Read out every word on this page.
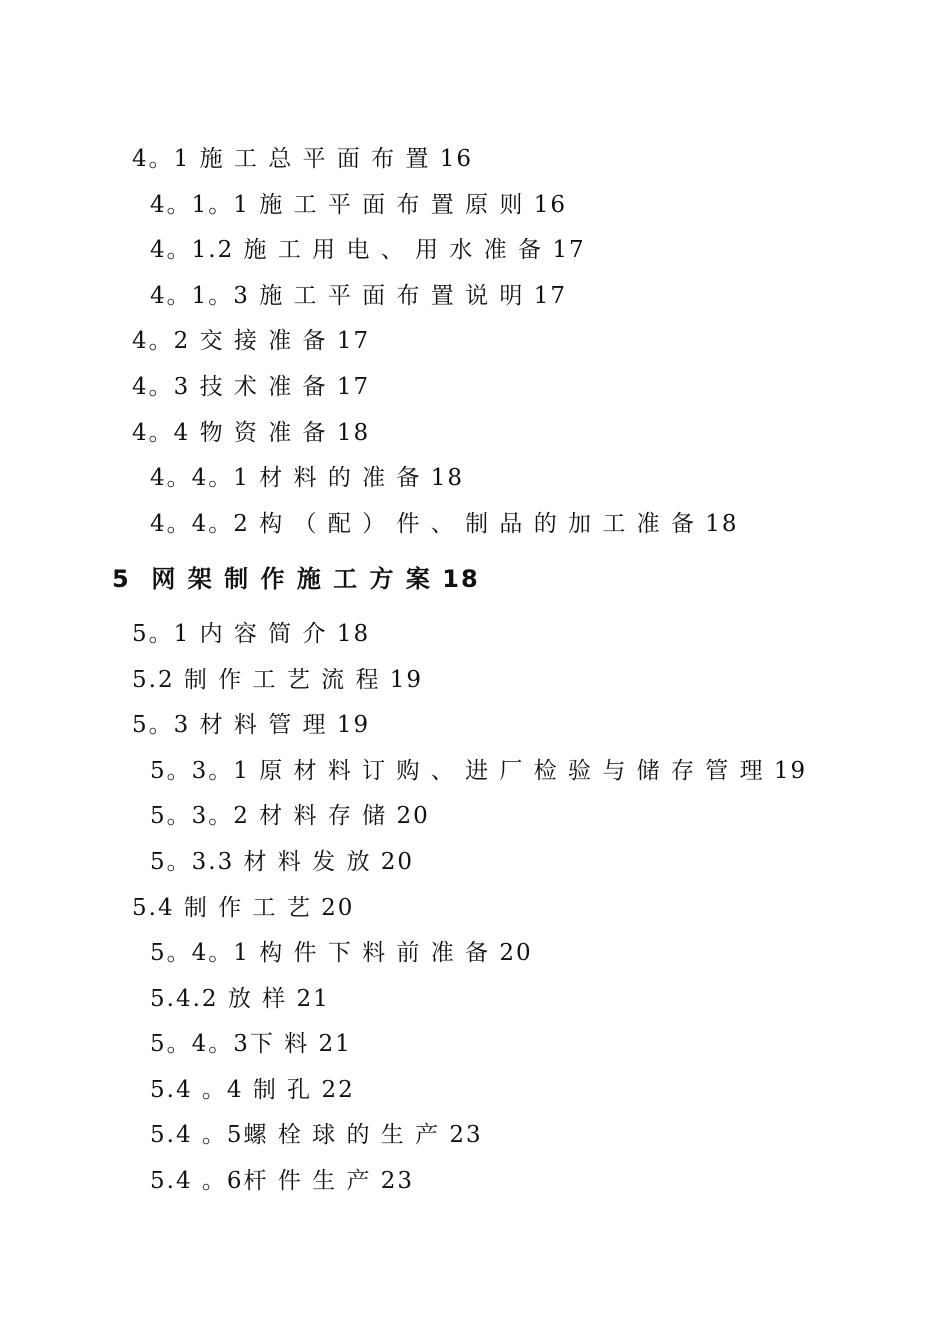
4。1 施 工 总 平 面 布 置 16
4。1。1 施 工 平 面 布 置 原 则 16
4。1.2 施 工 用 电 、 用 水 准 备 17
4。1。3 施 工 平 面 布 置 说 明 17
4。2 交 接 准 备 17
4。3 技 术 准 备 17
4。4 物 资 准 备 18
4。4。1 材 料 的 准 备 18
4。4。2 构 （ 配 ） 件 、 制 品 的 加 工 准 备 18
5  网 架 制 作 施 工 方 案 18
5。1 内 容 简 介 18
5.2 制 作 工 艺 流 程 19
5。3 材 料 管 理 19
5。3。1 原 材 料 订 购 、 进 厂 检 验 与 储 存 管 理 19
5。3。2 材 料 存 储 20
5。3.3 材 料 发 放 20
5.4 制 作 工 艺 20
5。4。1 构 件 下 料 前 准 备 20
5.4.2 放 样 21
5。4。3下 料 21
5.4 。4 制 孔 22
5.4 。5螺 栓 球 的 生 产 23
5.4 。6杆 件 生 产 23
